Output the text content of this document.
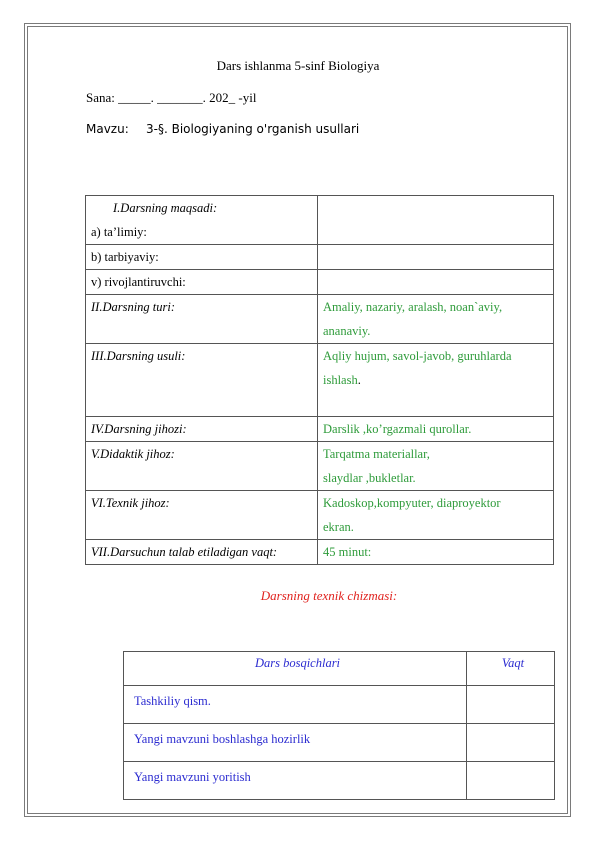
Dars ishlanma 5-sinf Biologiya
Sana: _____. _______. 202_ -yil
Mavzu: 3-§. Biologiyaning o'rganish usullari
I.Darsning maqsadi:
a) ta’limiy:	

b) tarbiyaviy:	
v) rivojlantiruvchi:	
II.Darsning turi:	Amaliy, nazariy, aralash, noan`aviy,
ananaviy.

III.Darsning usuli:	Aqliy hujum, savol-javob, guruhlarda
ishlash.

IV.Darsning jihozi:	Darslik ,ko’rgazmali qurollar.
V.Didaktik jihoz:	Tarqatma materiallar,
slaydlar ,bukletlar.

VI.Texnik jihoz:	Kadoskop,kompyuter, diaproyektor
ekran.

VII.Darsuchun talab etiladigan vaqt:	45 minut:
Darsning texnik chizmasi:
Dars bosqichlari	Vaqt
Tashkiliy qism.	
Yangi mavzuni boshlashga hozirlik	
Yangi mavzuni yoritish	
